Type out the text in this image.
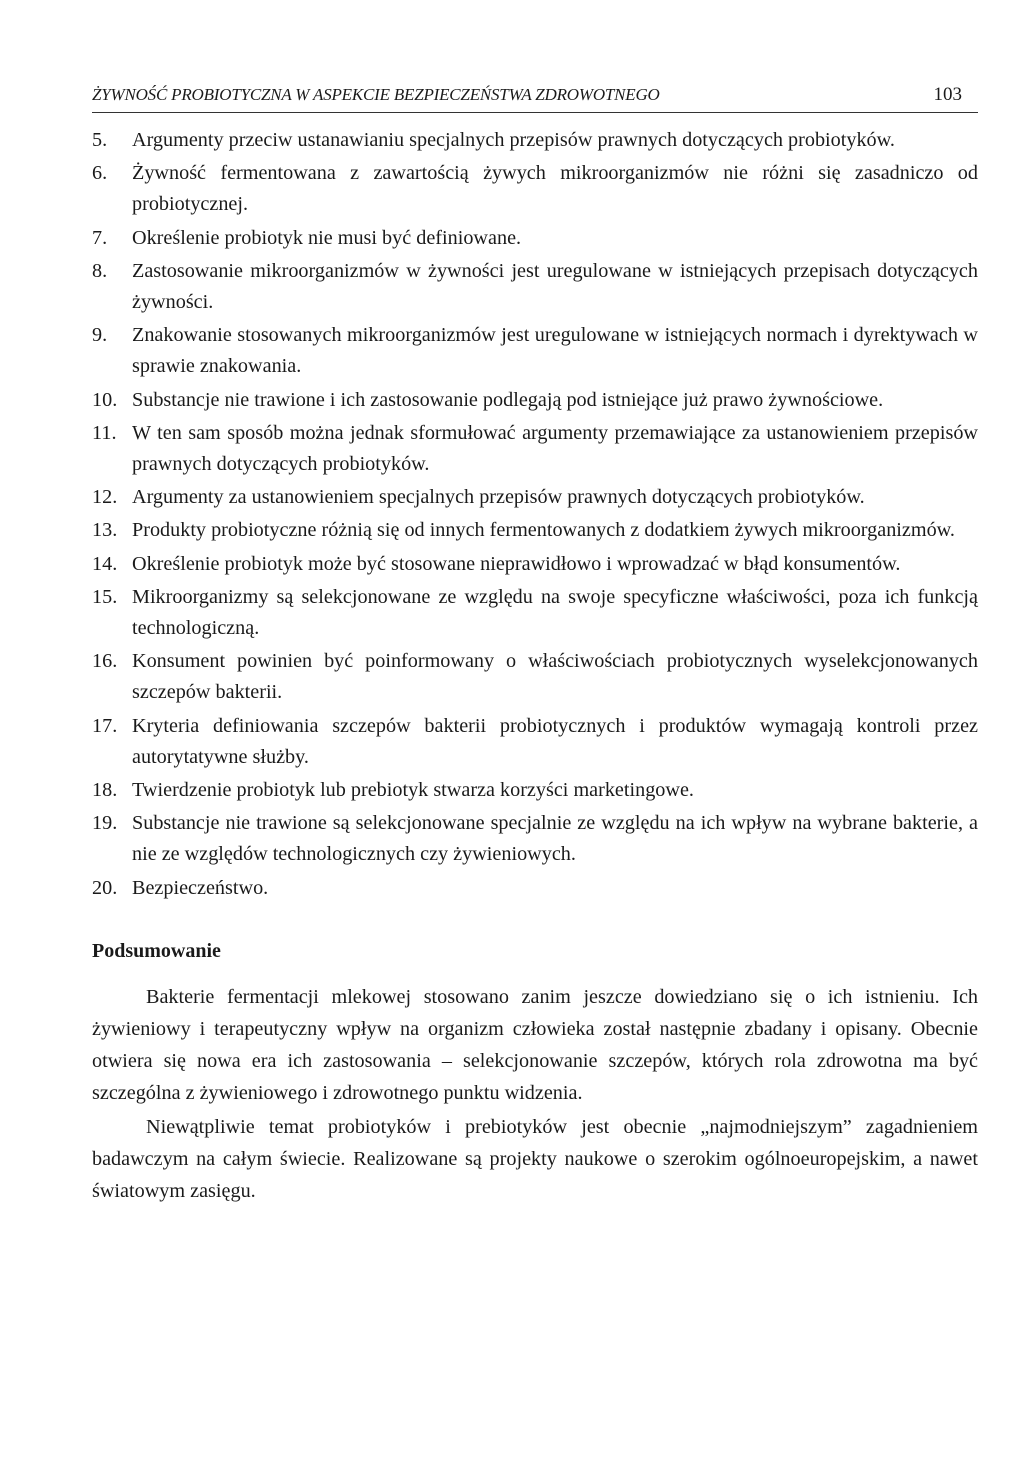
ŻYWNOŚĆ PROBIOTYCZNA W ASPEKCIE BEZPIECZEŃSTWA ZDROWOTNEGO	103
5.	Argumenty przeciw ustanawianiu specjalnych przepisów prawnych dotyczących probiotyków.
6.	Żywność fermentowana z zawartością żywych mikroorganizmów nie różni się zasadniczo od probiotycznej.
7.	Określenie probiotyk nie musi być definiowane.
8.	Zastosowanie mikroorganizmów w żywności jest uregulowane w istniejących przepisach dotyczących żywności.
9.	Znakowanie stosowanych mikroorganizmów jest uregulowane w istniejących normach i dyrektywach w sprawie znakowania.
10. Substancje nie trawione i ich zastosowanie podlegają pod istniejące już prawo żywnościowe.
11. W ten sam sposób można jednak sformułować argumenty przemawiające za ustanowieniem przepisów prawnych dotyczących probiotyków.
12. Argumenty za ustanowieniem specjalnych przepisów prawnych dotyczących probiotyków.
13. Produkty probiotyczne różnią się od innych fermentowanych z dodatkiem żywych mikroorganizmów.
14. Określenie probiotyk może być stosowane nieprawidłowo i wprowadzać w błąd konsumentów.
15. Mikroorganizmy są selekcjonowane ze względu na swoje specyficzne właściwości, poza ich funkcją technologiczną.
16. Konsument powinien być poinformowany o właściwościach probiotycznych wyselekcjonowanych szczepów bakterii.
17. Kryteria definiowania szczepów bakterii probiotycznych i produktów wymagają kontroli przez autorytatywne służby.
18. Twierdzenie probiotyk lub prebiotyk stwarza korzyści marketingowe.
19. Substancje nie trawione są selekcjonowane specjalnie ze względu na ich wpływ na wybrane bakterie, a nie ze względów technologicznych czy żywieniowych.
20. Bezpieczeństwo.
Podsumowanie

Bakterie fermentacji mlekowej stosowano zanim jeszcze dowiedziano się o ich istnieniu. Ich żywieniowy i terapeutyczny wpływ na organizm człowieka został następnie zbadany i opisany. Obecnie otwiera się nowa era ich zastosowania – selekcjonowanie szczepów, których rola zdrowotna ma być szczególna z żywieniowego i zdrowotnego punktu widzenia.

Niewątpliwie temat probiotyków i prebiotyków jest obecnie „najmodniejszym” zagadnieniem badawczym na całym świecie. Realizowane są projekty naukowe o szerokim ogólnoeuropejskim, a nawet światowym zasięgu.
